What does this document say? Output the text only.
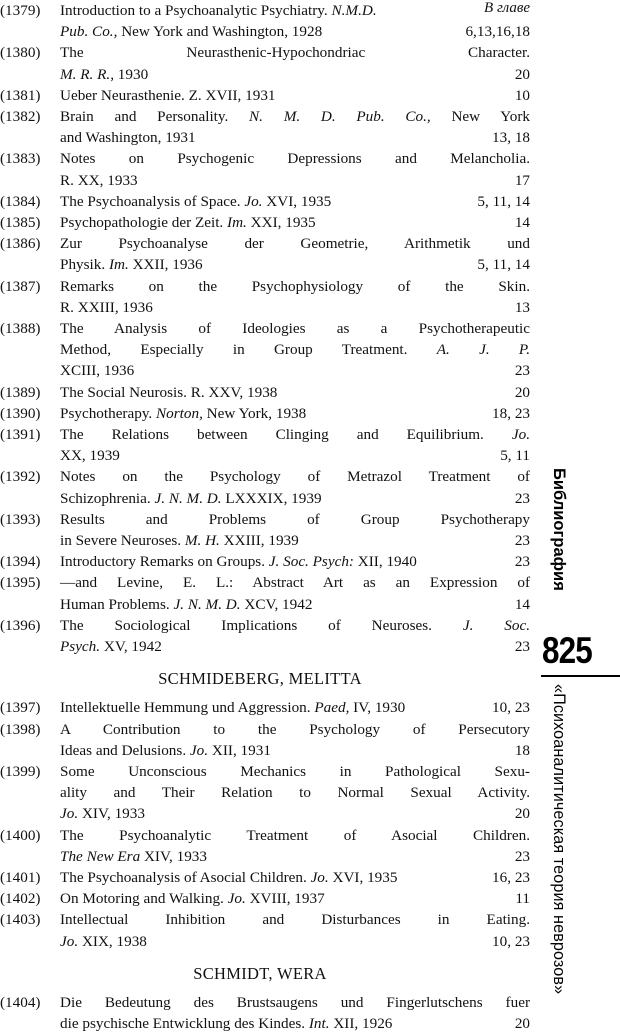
(1379) Introduction to a Psychoanalytic Psychiatry. N.M.D.	В главе
Pub. Co., New York and Washington, 1928	6,13,16,18
(1380) The Neurasthenic-Hypochondriac Character.
M. R. R., 1930	20
(1381) Ueber Neurasthenie. Z. XVII, 1931	10
(1382) Brain and Personality. N. M. D. Pub. Co., New York
and Washington, 1931	13, 18
(1383) Notes on Psychogenic Depressions and Melancholia.
R. XX, 1933	17
(1384) The Psychoanalysis of Space. Jo. XVI, 1935	5, 11, 14
(1385) Psychopathologie der Zeit. Im. XXI, 1935	14
(1386) Zur Psychoanalyse der Geometrie, Arithmetik und
Physik. Im. XXII, 1936	5, 11, 14
(1387) Remarks on the Psychophysiology of the Skin.
R. XXIII, 1936	13
(1388) The Analysis of Ideologies as a Psychotherapeutic
Method, Especially in Group Treatment. A. J. P.
XCIII, 1936	23
(1389) The Social Neurosis. R. XXV, 1938	20
(1390) Psychotherapy. Norton, New York, 1938	18, 23
(1391) The Relations between Clinging and Equilibrium. Jo.
XX, 1939	5, 11
(1392) Notes on the Psychology of Metrazol Treatment of
Schizophrenia. J. N. M. D. LXXXIX, 1939	23
(1393) Results and Problems of Group Psychotherapy
in Severe Neuroses. M. H. XXIII, 1939	23
(1394) Introductory Remarks on Groups. J. Soc. Psych: XII, 1940	23
(1395) —and Levine, E. L.: Abstract Art as an Expression of
Human Problems. J. N. M. D. XCV, 1942	14
(1396) The Sociological Implications of Neuroses. J. Soc.
Psych. XV, 1942	23
SCHMIDEBERG, MELITTA
(1397) Intellektuelle Hemmung und Aggression. Paed, IV, 1930	10, 23
(1398) A Contribution to the Psychology of Persecutory
Ideas and Delusions. Jo. XII, 1931	18
(1399) Some Unconscious Mechanics in Pathological Sexu-
ality and Their Relation to Normal Sexual Activity.
Jo. XIV, 1933	20
(1400) The Psychoanalytic Treatment of Asocial Children.
The New Era XIV, 1933	23
(1401) The Psychoanalysis of Asocial Children. Jo. XVI, 1935	16, 23
(1402) On Motoring and Walking. Jo. XVIII, 1937	11
(1403) Intellectual Inhibition and Disturbances in Eating.
Jo. XIX, 1938	10, 23
SCHMIDT, WERA
(1404) Die Bedeutung des Brustsaugens und Fingerlutschens fuer
die psychische Entwicklung des Kindes. Int. XII, 1926	20
Библиография
825
«Психоаналитическая теория неврозов»
